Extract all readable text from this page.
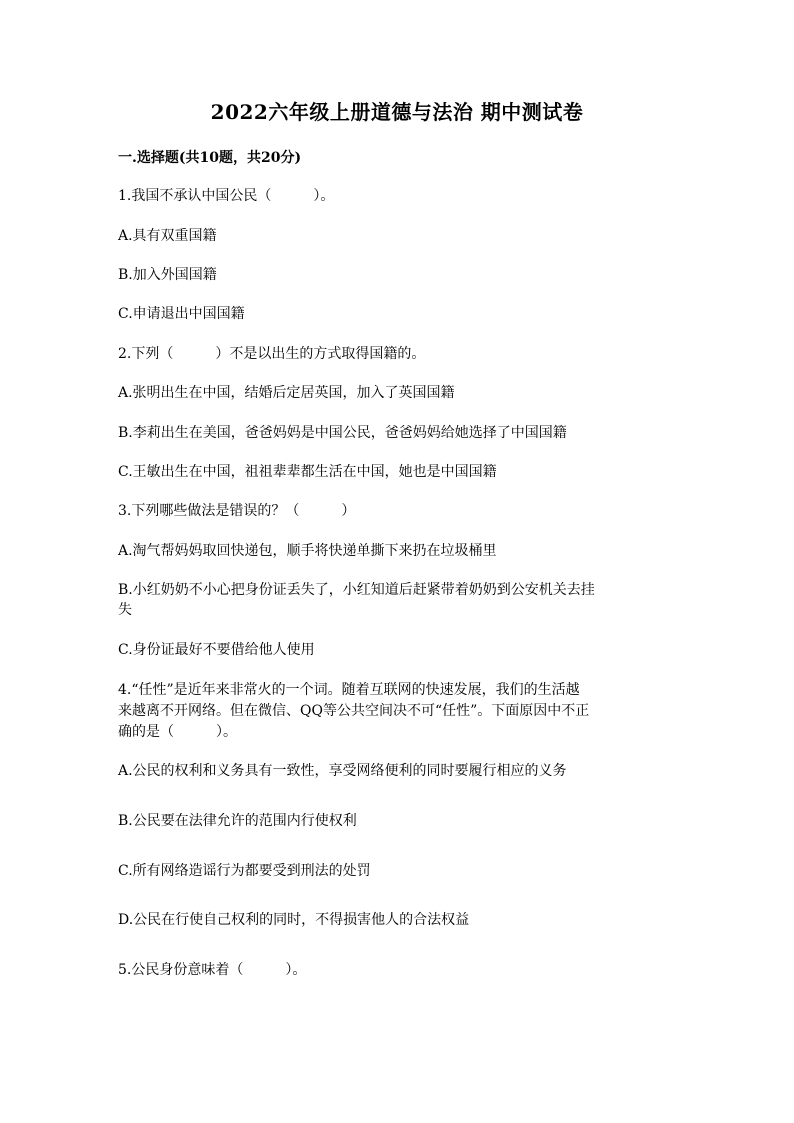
2022六年级上册道德与法治 期中测试卷
一.选择题(共10题，共20分)
1.我国不承认中国公民（　　　）。
A.具有双重国籍
B.加入外国国籍
C.申请退出中国国籍
2.下列（　　　）不是以出生的方式取得国籍的。
A.张明出生在中国，结婚后定居英国，加入了英国国籍
B.李莉出生在美国，爸爸妈妈是中国公民，爸爸妈妈给她选择了中国国籍
C.王敏出生在中国，祖祖辈辈都生活在中国，她也是中国国籍
3.下列哪些做法是错误的？（　　　）
A.淘气帮妈妈取回快递包，顺手将快递单撕下来扔在垃圾桶里
B.小红奶奶不小心把身份证丢失了，小红知道后赶紧带着奶奶到公安机关去挂
失
C.身份证最好不要借给他人使用
4.“任性”是近年来非常火的一个词。随着互联网的快速发展，我们的生活越
来越离不开网络。但在微信、QQ等公共空间决不可“任性”。下面原因中不正
确的是（　　　）。
A.公民的权利和义务具有一致性，享受网络便利的同时要履行相应的义务
B.公民要在法律允许的范围内行使权利
C.所有网络造谣行为都要受到刑法的处罚
D.公民在行使自己权利的同时，不得损害他人的合法权益
5.公民身份意味着（　　　）。
